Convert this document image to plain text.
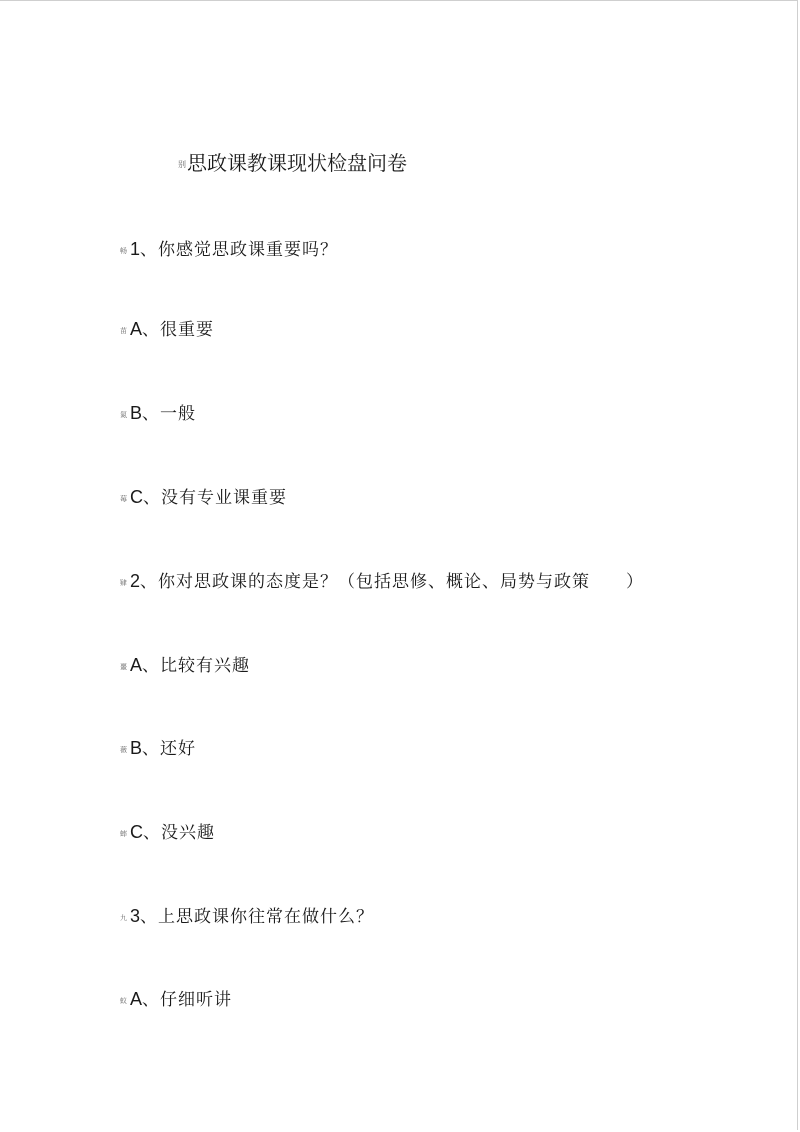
别思政课教课现状检盘问卷
畅 1、你感觉思政课重要吗？
苗 A、很重要
氮 B、一般
莓 C、没有专业课重要
肄 2、你对思政课的态度是？（包括思修、概论、局势与政策　　）
噩 A、比较有兴趣
薇 B、还好
蟀 C、没兴趣
九 3、上思政课你往常在做什么？
蚁 A、仔细听讲
